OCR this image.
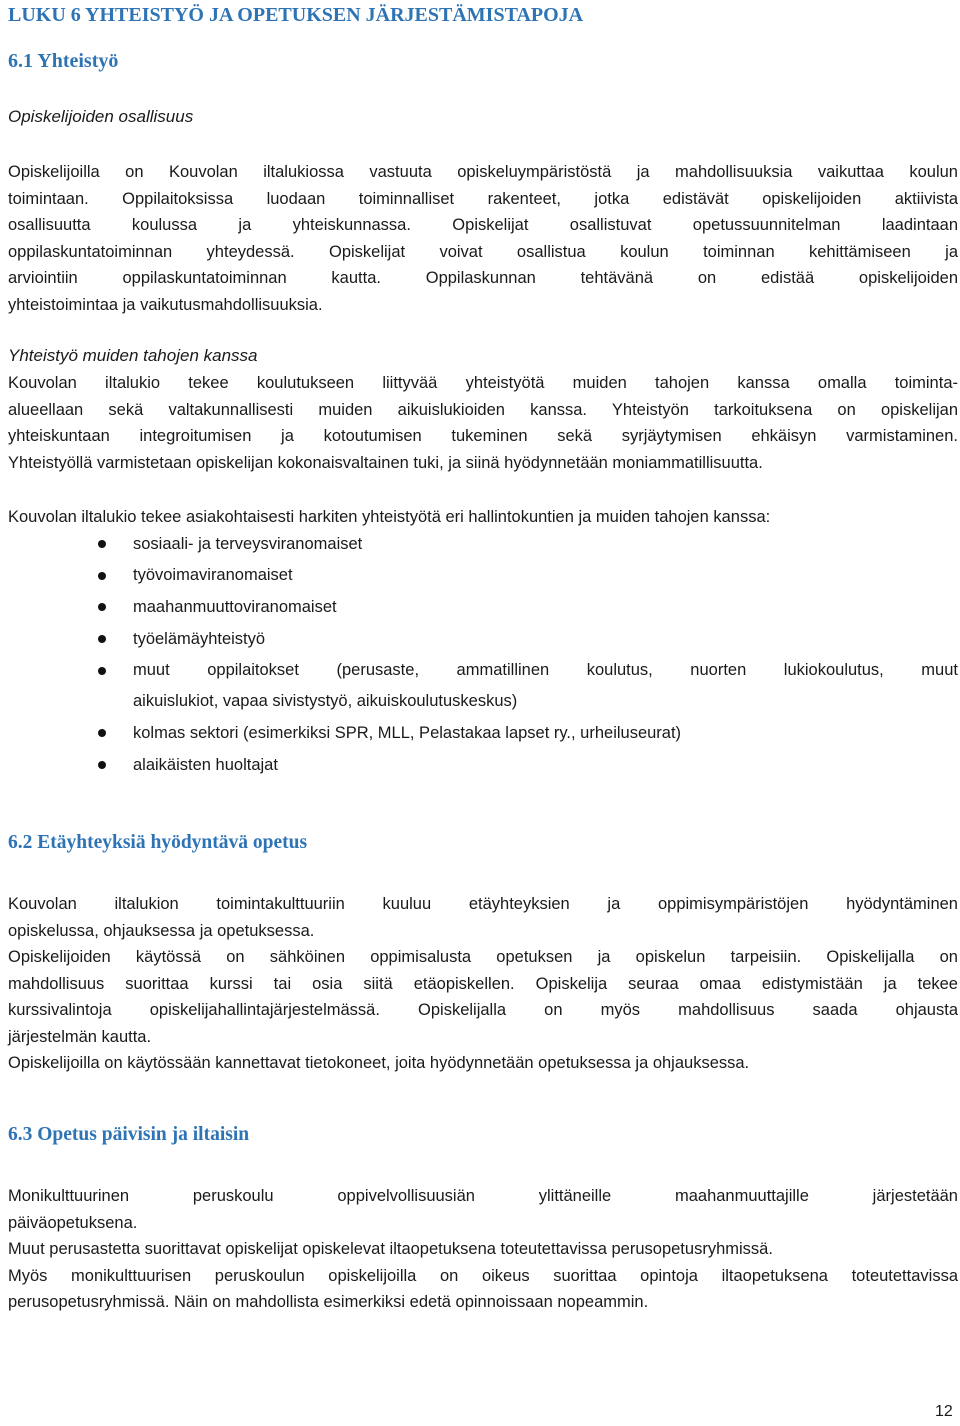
LUKU 6 YHTEISTYÖ JA OPETUKSEN JÄRJESTÄMISTAPOJA
6.1 Yhteistyö

Opiskelijoiden osallisuus

Opiskelijoilla on Kouvolan iltalukiossa vastuuta opiskeluympäristöstä ja mahdollisuuksia vaikuttaa koulun
toimintaan. Oppilaitoksissa luodaan toiminnalliset rakenteet, jotka edistävät opiskelijoiden aktiivista
osallisuutta koulussa ja yhteiskunnassa. Opiskelijat osallistuvat opetussuunnitelman laadintaan
oppilaskuntatoiminnan yhteydessä. Opiskelijat voivat osallistua koulun toiminnan kehittämiseen ja
arviointiin oppilaskuntatoiminnan kautta. Oppilaskunnan tehtävänä on edistää opiskelijoiden
yhteistoimintaa ja vaikutusmahdollisuuksia.

Yhteistyö muiden tahojen kanssa

Kouvolan iltalukio tekee koulutukseen liittyvää yhteistyötä muiden tahojen kanssa omalla toiminta-
alueellaan sekä valtakunnallisesti muiden aikuislukioiden kanssa. Yhteistyön tarkoituksena on opiskelijan
yhteiskuntaan integroitumisen ja kotoutumisen tukeminen sekä syrjäytymisen ehkäisyn varmistaminen.
Yhteistyöllä varmistetaan opiskelijan kokonaisvaltainen tuki, ja siinä hyödynnetään moniammatillisuutta.

Kouvolan iltalukio tekee asiakohtaisesti harkiten yhteistyötä eri hallintokuntien ja muiden tahojen kanssa:

sosiaali- ja terveysviranomaiset
työvoimaviranomaiset
maahanmuuttoviranomaiset
työelämäyhteistyö
muut oppilaitokset (perusaste, ammatillinen koulutus, nuorten lukiokoulutus, muut
aikuislukiot, vapaa sivistystyö, aikuiskoulutuskeskus)
kolmas sektori (esimerkiksi SPR, MLL, Pelastakaa lapset ry., urheiluseurat)
alaikäisten huoltajat
6.2 Etäyhteyksiä hyödyntävä opetus

Kouvolan iltalukion toimintakulttuuriin kuuluu etäyhteyksien ja oppimisympäristöjen hyödyntäminen
opiskelussa, ohjauksessa ja opetuksessa.
Opiskelijoiden käytössä on sähköinen oppimisalusta opetuksen ja opiskelun tarpeisiin. Opiskelijalla on
mahdollisuus suorittaa kurssi tai osia siitä etäopiskellen. Opiskelija seuraa omaa edistymistään ja tekee
kurssivalintoja opiskelijahallintajärjestelmässä. Opiskelijalla on myös mahdollisuus saada ohjausta
järjestelmän kautta.
Opiskelijoilla on käytössään kannettavat tietokoneet, joita hyödynnetään opetuksessa ja ohjauksessa.

6.3 Opetus päivisin ja iltaisin

Monikulttuurinen peruskoulu oppivelvollisuusiän ylittäneille maahanmuuttajille järjestetään
päiväopetuksena.
Muut perusastetta suorittavat opiskelijat opiskelevat iltaopetuksena toteutettavissa perusopetusryhmissä.
Myös monikulttuurisen peruskoulun opiskelijoilla on oikeus suorittaa opintoja iltaopetuksena toteutettavissa
perusopetusryhmissä. Näin on mahdollista esimerkiksi edetä opinnoissaan nopeammin.

12
